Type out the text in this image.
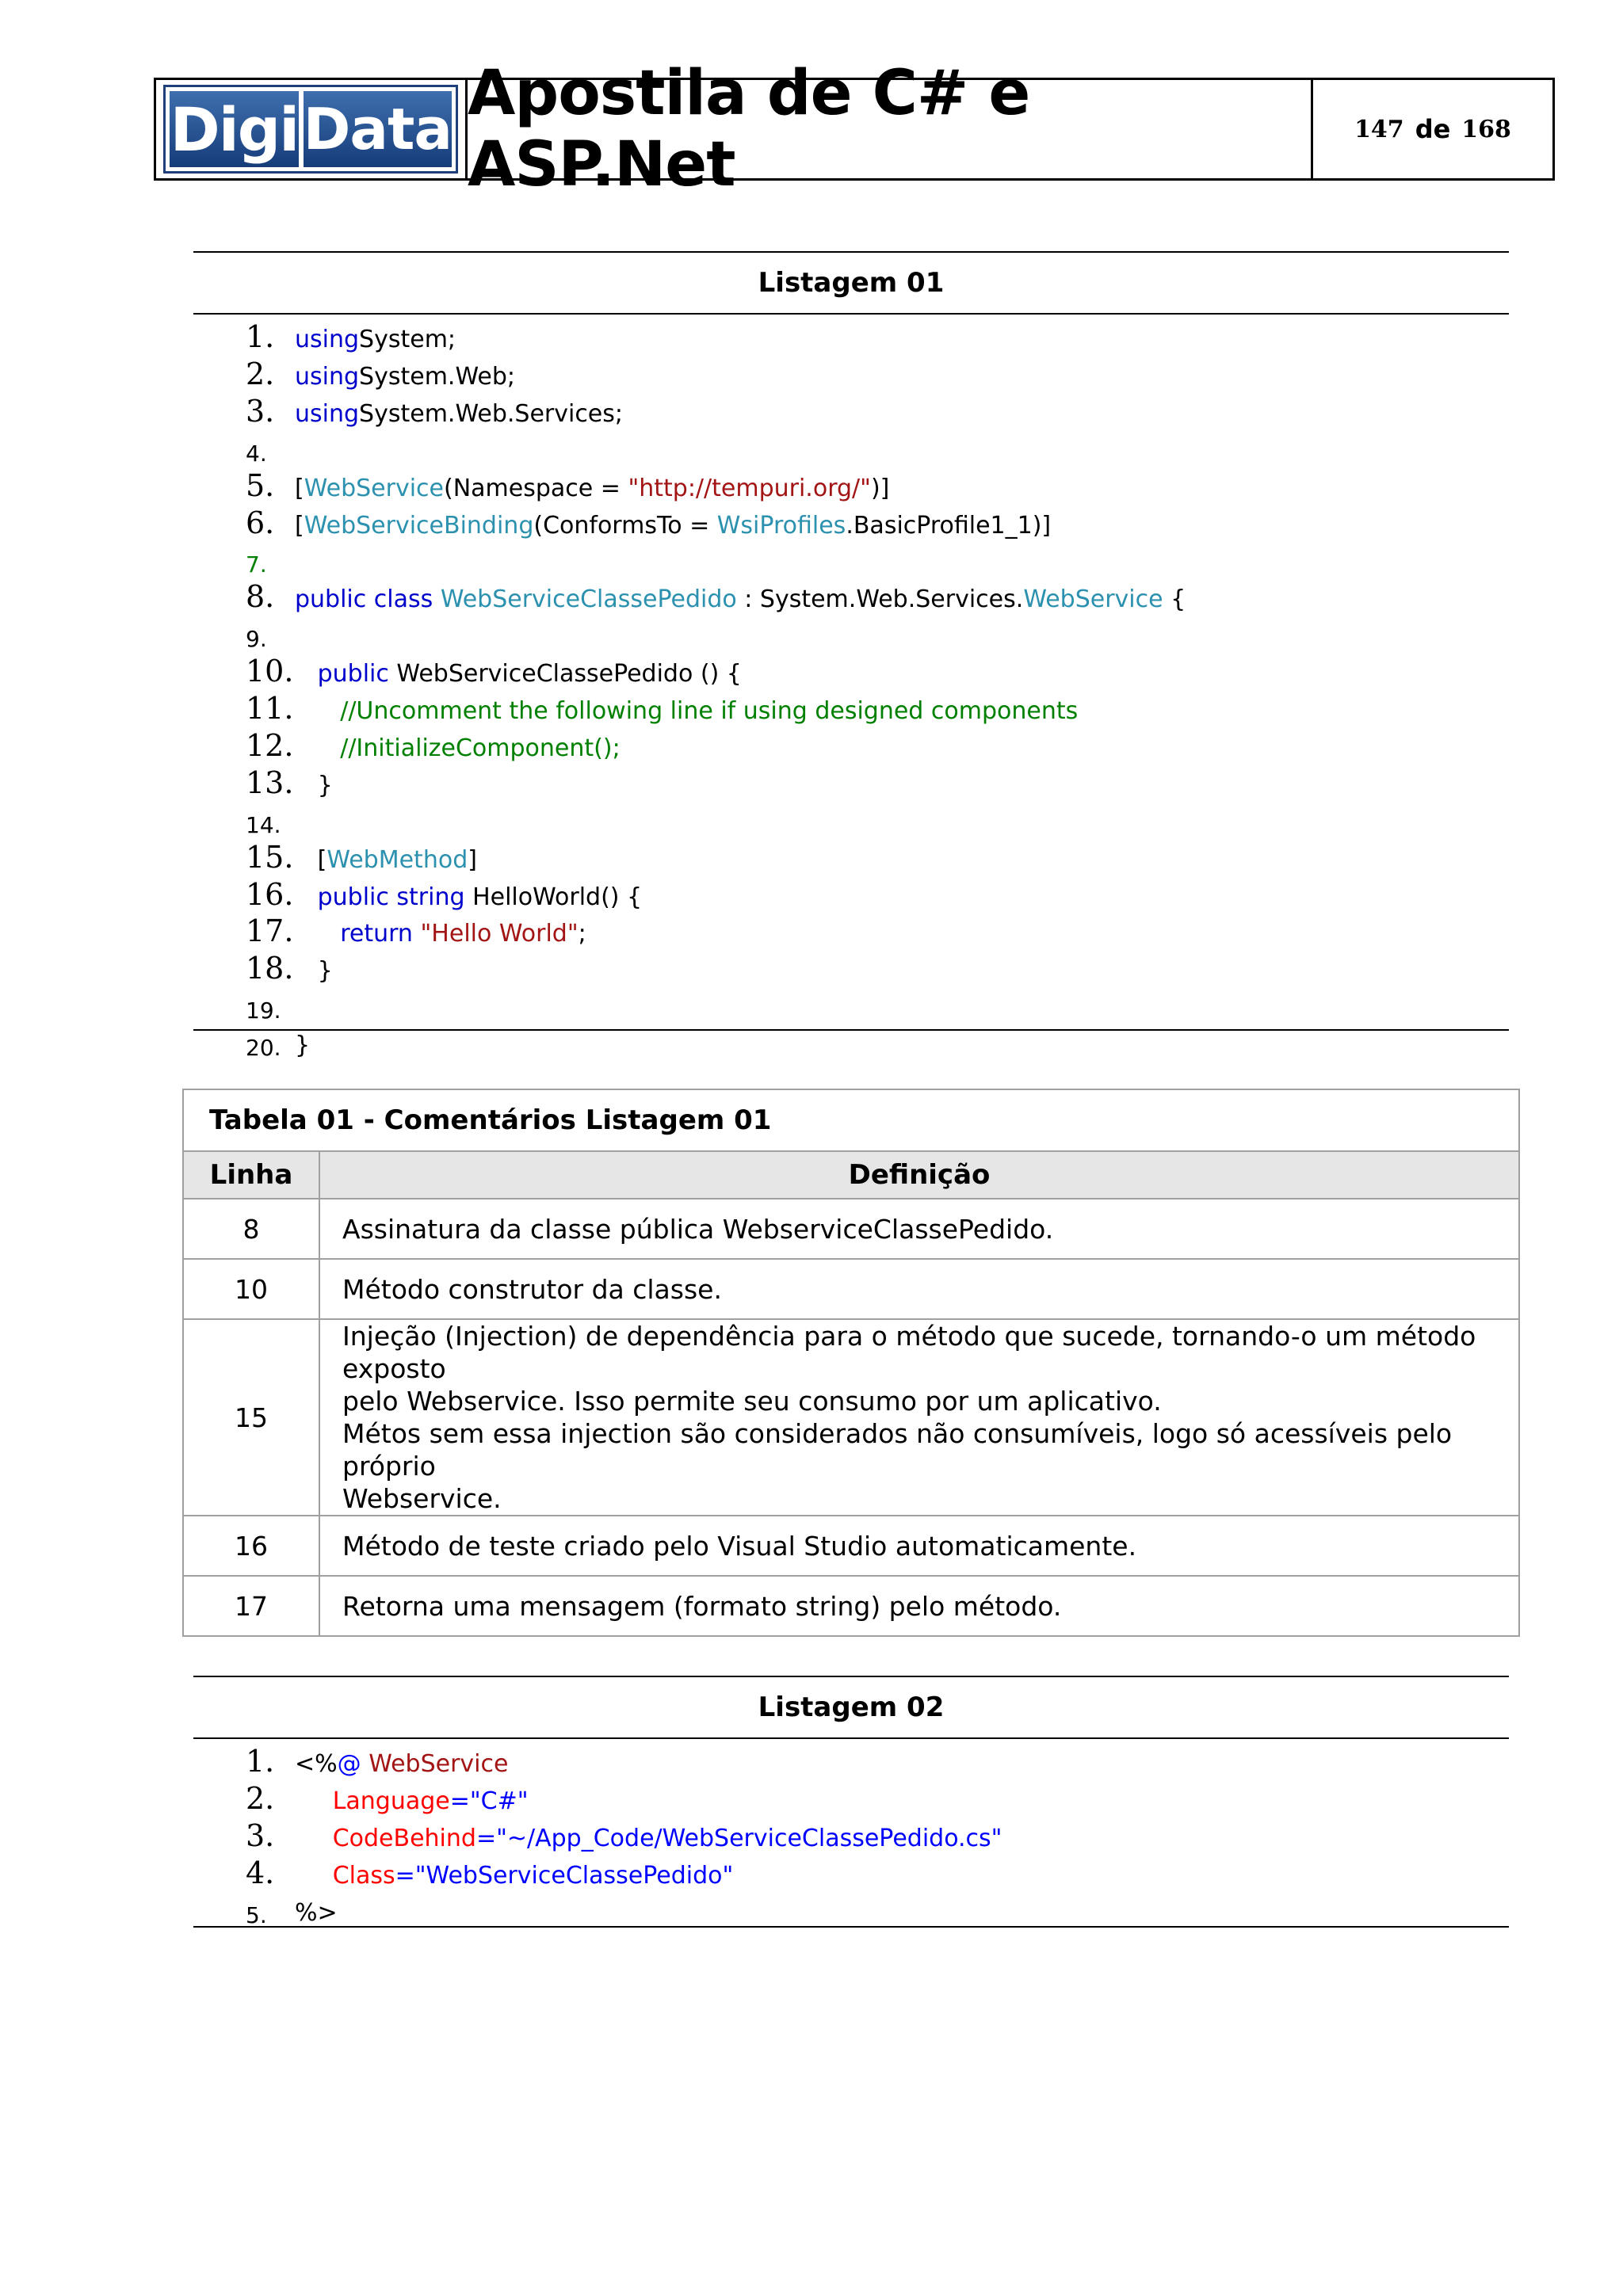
Digi Data Apostila de C# e ASP.Net	147 de 168
Listagem 01
1. usingSystem;
2. usingSystem.Web;
3. usingSystem.Web.Services;
4.
5. [WebService(Namespace = "http://tempuri.org/")]
6. [WebServiceBinding(ConformsTo = WsiProfiles.BasicProfile1_1)]
7.
8. public class WebServiceClassePedido : System.Web.Services.WebService {
9.
10.	public WebServiceClassePedido () {
11.	//Uncomment the following line if using designed components
12.	//InitializeComponent();
13. }
14.
15. [WebMethod]
16.	public string HelloWorld() {
17.	return "Hello World";
18. }
19.
20. }
Tabela 01 - Comentários Listagem 01	
Linha	Definição
8	Assinatura da classe pública WebserviceClassePedido.
10	Método construtor da classe.
15	Injeção (Injection) de dependência para o método que sucede, tornando-o um método exposto
pelo Webservice. Isso permite seu consumo por um aplicativo.
Métos sem essa injection são considerados não consumíveis, logo só acessíveis pelo próprio
Webservice.

16	Método de teste criado pelo Visual Studio automaticamente.
17	Retorna uma mensagem (formato string) pelo método.
Listagem 02
1. <%@ WebService
2.	Language="C#"
3.	CodeBehind="~/App_Code/WebServiceClassePedido.cs"
4.	Class="WebServiceClassePedido"
5.	%>
